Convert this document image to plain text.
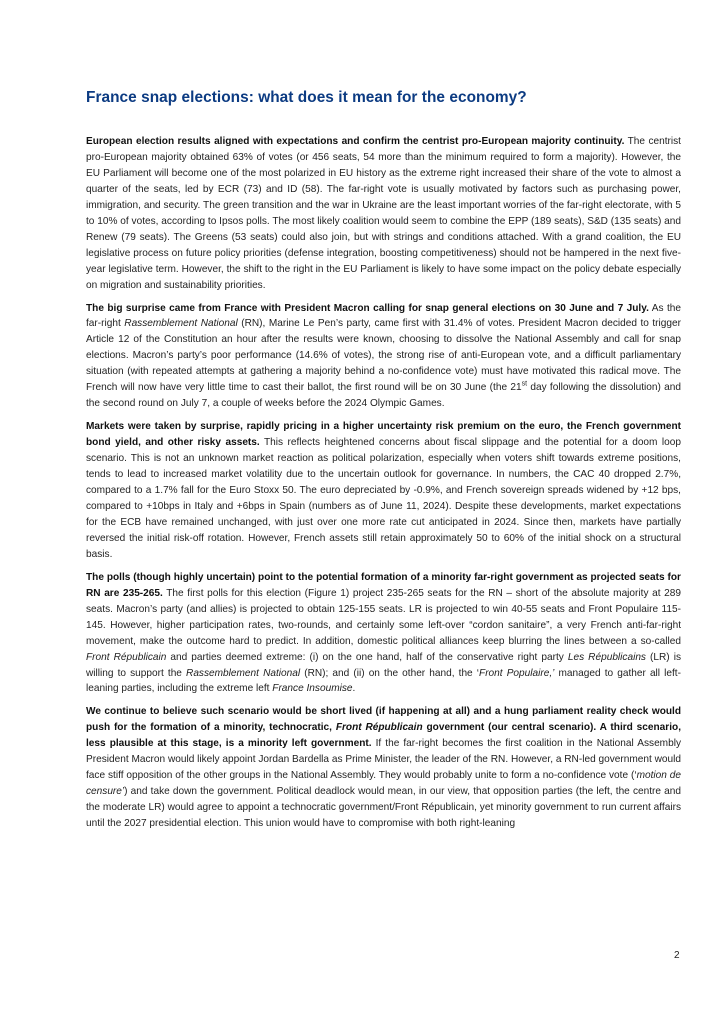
France snap elections: what does it mean for the economy?

European election results aligned with expectations and confirm the centrist pro-European majority continuity. The centrist pro-European majority obtained 63% of votes (or 456 seats, 54 more than the minimum required to form a majority). However, the EU Parliament will become one of the most polarized in EU history as the extreme right increased their share of the vote to almost a quarter of the seats, led by ECR (73) and ID (58). The far-right vote is usually motivated by factors such as purchasing power, immigration, and security. The green transition and the war in Ukraine are the least important worries of the far-right electorate, with 5 to 10% of votes, according to Ipsos polls. The most likely coalition would seem to combine the EPP (189 seats), S&D (135 seats) and Renew (79 seats). The Greens (53 seats) could also join, but with strings and conditions attached. With a grand coalition, the EU legislative process on future policy priorities (defense integration, boosting competitiveness) should not be hampered in the next five-year legislative term. However, the shift to the right in the EU Parliament is likely to have some impact on the policy debate especially on migration and sustainability priorities.

The big surprise came from France with President Macron calling for snap general elections on 30 June and 7 July. As the far-right Rassemblement National (RN), Marine Le Pen’s party, came first with 31.4% of votes. President Macron decided to trigger Article 12 of the Constitution an hour after the results were known, choosing to dissolve the National Assembly and call for snap elections. Macron’s party’s poor performance (14.6% of votes), the strong rise of anti-European vote, and a difficult parliamentary situation (with repeated attempts at gathering a majority behind a no-confidence vote) must have motivated this radical move. The French will now have very little time to cast their ballot, the first round will be on 30 June (the 21st day following the dissolution) and the second round on July 7, a couple of weeks before the 2024 Olympic Games.

Markets were taken by surprise, rapidly pricing in a higher uncertainty risk premium on the euro, the French government bond yield, and other risky assets. This reflects heightened concerns about fiscal slippage and the potential for a doom loop scenario. This is not an unknown market reaction as political polarization, especially when voters shift towards extreme positions, tends to lead to increased market volatility due to the uncertain outlook for governance. In numbers, the CAC 40 dropped 2.7%, compared to a 1.7% fall for the Euro Stoxx 50. The euro depreciated by -0.9%, and French sovereign spreads widened by +12 bps, compared to +10bps in Italy and +6bps in Spain (numbers as of June 11, 2024). Despite these developments, market expectations for the ECB have remained unchanged, with just over one more rate cut anticipated in 2024. Since then, markets have partially reversed the initial risk-off rotation. However, French assets still retain approximately 50 to 60% of the initial shock on a structural basis.

The polls (though highly uncertain) point to the potential formation of a minority far-right government as projected seats for RN are 235-265. The first polls for this election (Figure 1) project 235-265 seats for the RN – short of the absolute majority at 289 seats. Macron’s party (and allies) is projected to obtain 125-155 seats. LR is projected to win 40-55 seats and Front Populaire 115-145. However, higher participation rates, two-rounds, and certainly some left-over “cordon sanitaire”, a very French anti-far-right movement, make the outcome hard to predict. In addition, domestic political alliances keep blurring the lines between a so-called Front Républicain and parties deemed extreme: (i) on the one hand, half of the conservative right party Les Républicains (LR) is willing to support the Rassemblement National (RN); and (ii) on the other hand, the ‘Front Populaire,’ managed to gather all left-leaning parties, including the extreme left France Insoumise.

We continue to believe such scenario would be short lived (if happening at all) and a hung parliament reality check would push for the formation of a minority, technocratic, Front Républicain government (our central scenario). A third scenario, less plausible at this stage, is a minority left government. If the far-right becomes the first coalition in the National Assembly President Macron would likely appoint Jordan Bardella as Prime Minister, the leader of the RN. However, a RN-led government would face stiff opposition of the other groups in the National Assembly. They would probably unite to form a no-confidence vote (‘motion de censure’) and take down the government. Political deadlock would mean, in our view, that opposition parties (the left, the centre and the moderate LR) would agree to appoint a technocratic government/Front Républicain, yet minority government to run current affairs until the 2027 presidential election. This union would have to compromise with both right-leaning

2
